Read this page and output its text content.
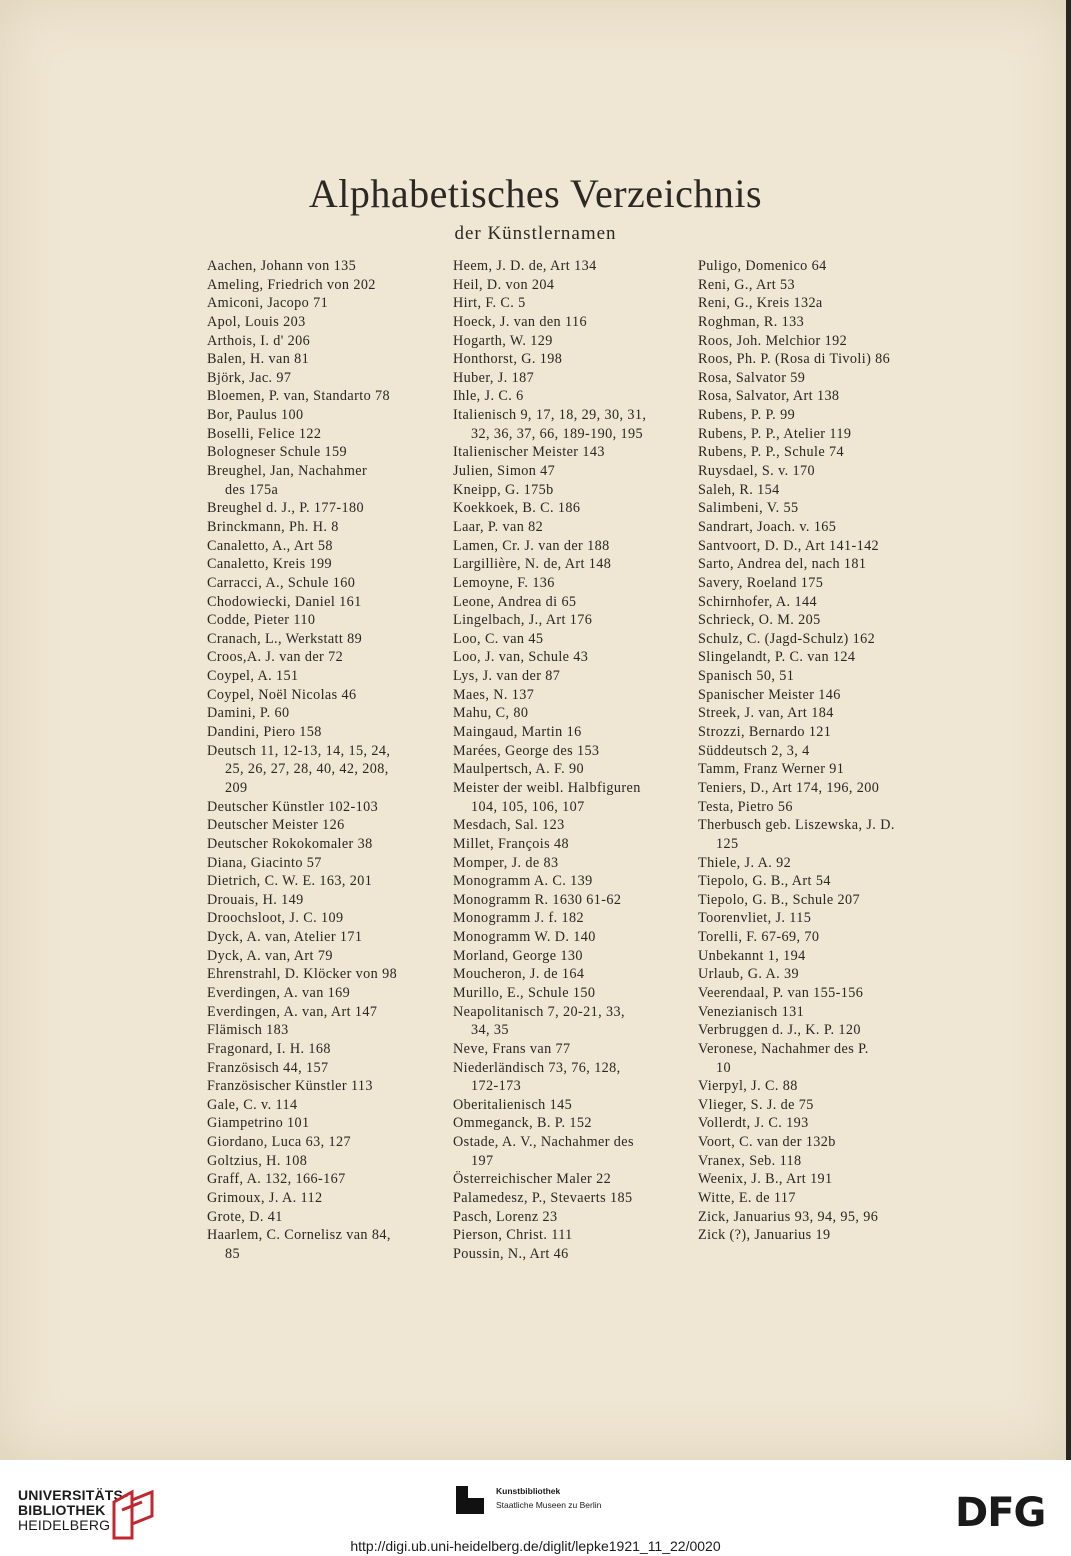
Alphabetisches Verzeichnis
der Künstlernamen
Aachen, Johann von 135
Ameling, Friedrich von 202
Amiconi, Jacopo 71
Apol, Louis 203
Arthois, I. d' 206
Balen, H. van 81
Björk, Jac. 97
Bloemen, P. van, Standarto 78
Bor, Paulus 100
Boselli, Felice 122
Bologneser Schule 159
Breughel, Jan, Nachahmer
des 175a
Breughel d. J., P. 177-180
Brinckmann, Ph. H. 8
Canaletto, A., Art 58
Canaletto, Kreis 199
Carracci, A., Schule 160
Chodowiecki, Daniel 161
Codde, Pieter 110
Cranach, L., Werkstatt 89
Croos,A. J. van der 72
Coypel, A. 151
Coypel, Noël Nicolas 46
Damini, P. 60
Dandini, Piero 158
Deutsch 11, 12-13, 14, 15, 24,
25, 26, 27, 28, 40, 42, 208,
209
Deutscher Künstler 102-103
Deutscher Meister 126
Deutscher Rokokomaler 38
Diana, Giacinto 57
Dietrich, C. W. E. 163, 201
Drouais, H. 149
Droochsloot, J. C. 109
Dyck, A. van, Atelier 171
Dyck, A. van, Art 79
Ehrenstrahl, D. Klöcker von 98
Everdingen, A. van 169
Everdingen, A. van, Art 147
Flämisch 183
Fragonard, I. H. 168
Französisch 44, 157
Französischer Künstler 113
Gale, C. v. 114
Giampetrino 101
Giordano, Luca 63, 127
Goltzius, H. 108
Graff, A. 132, 166-167
Grimoux, J. A. 112
Grote, D. 41
Haarlem, C. Cornelisz van 84,
85
Heem, J. D. de, Art 134
Heil, D. von 204
Hirt, F. C. 5
Hoeck, J. van den 116
Hogarth, W. 129
Honthorst, G. 198
Huber, J. 187
Ihle, J. C. 6
Italienisch 9, 17, 18, 29, 30, 31,
32, 36, 37, 66, 189-190, 195
Italienischer Meister 143
Julien, Simon 47
Kneipp, G. 175b
Koekkoek, B. C. 186
Laar, P. van 82
Lamen, Cr. J. van der 188
Largillière, N. de, Art 148
Lemoyne, F. 136
Leone, Andrea di 65
Lingelbach, J., Art 176
Loo, C. van 45
Loo, J. van, Schule 43
Lys, J. van der 87
Maes, N. 137
Mahu, C, 80
Maingaud, Martin 16
Marées, George des 153
Maulpertsch, A. F. 90
Meister der weibl. Halbfiguren
104, 105, 106, 107
Mesdach, Sal. 123
Millet, François 48
Momper, J. de 83
Monogramm A. C. 139
Monogramm R. 1630 61-62
Monogramm J. f. 182
Monogramm W. D. 140
Morland, George 130
Moucheron, J. de 164
Murillo, E., Schule 150
Neapolitanisch 7, 20-21, 33,
34, 35
Neve, Frans van 77
Niederländisch 73, 76, 128,
172-173
Oberitalienisch 145
Ommeganck, B. P. 152
Ostade, A. V., Nachahmer des
197
Österreichischer Maler 22
Palamedesz, P., Stevaerts 185
Pasch, Lorenz 23
Pierson, Christ. 111
Poussin, N., Art 46
Puligo, Domenico 64
Reni, G., Art 53
Reni, G., Kreis 132a
Roghman, R. 133
Roos, Joh. Melchior 192
Roos, Ph. P. (Rosa di Tivoli) 86
Rosa, Salvator 59
Rosa, Salvator, Art 138
Rubens, P. P. 99
Rubens, P. P., Atelier 119
Rubens, P. P., Schule 74
Ruysdael, S. v. 170
Saleh, R. 154
Salimbeni, V. 55
Sandrart, Joach. v. 165
Santvoort, D. D., Art 141-142
Sarto, Andrea del, nach 181
Savery, Roeland 175
Schirnhofer, A. 144
Schrieck, O. M. 205
Schulz, C. (Jagd-Schulz) 162
Slingelandt, P. C. van 124
Spanisch 50, 51
Spanischer Meister 146
Streek, J. van, Art 184
Strozzi, Bernardo 121
Süddeutsch 2, 3, 4
Tamm, Franz Werner 91
Teniers, D., Art 174, 196, 200
Testa, Pietro 56
Therbusch geb. Liszewska, J. D.
125
Thiele, J. A. 92
Tiepolo, G. B., Art 54
Tiepolo, G. B., Schule 207
Toorenvliet, J. 115
Torelli, F. 67-69, 70
Unbekannt 1, 194
Urlaub, G. A. 39
Veerendaal, P. van 155-156
Venezianisch 131
Verbruggen d. J., K. P. 120
Veronese, Nachahmer des P.
10
Vierpyl, J. C. 88
Vlieger, S. J. de 75
Vollerdt, J. C. 193
Voort, C. van der 132b
Vranex, Seb. 118
Weenix, J. B., Art 191
Witte, E. de 117
Zick, Januarius 93, 94, 95, 96
Zick (?), Januarius 19
UNIVERSITÄTS-
BIBLIOTHEK
HEIDELBERG
Kunstbibliothek
Staatliche Museen zu Berlin	DFG
http://digi.ub.uni-heidelberg.de/diglit/lepke1921_11_22/0020
